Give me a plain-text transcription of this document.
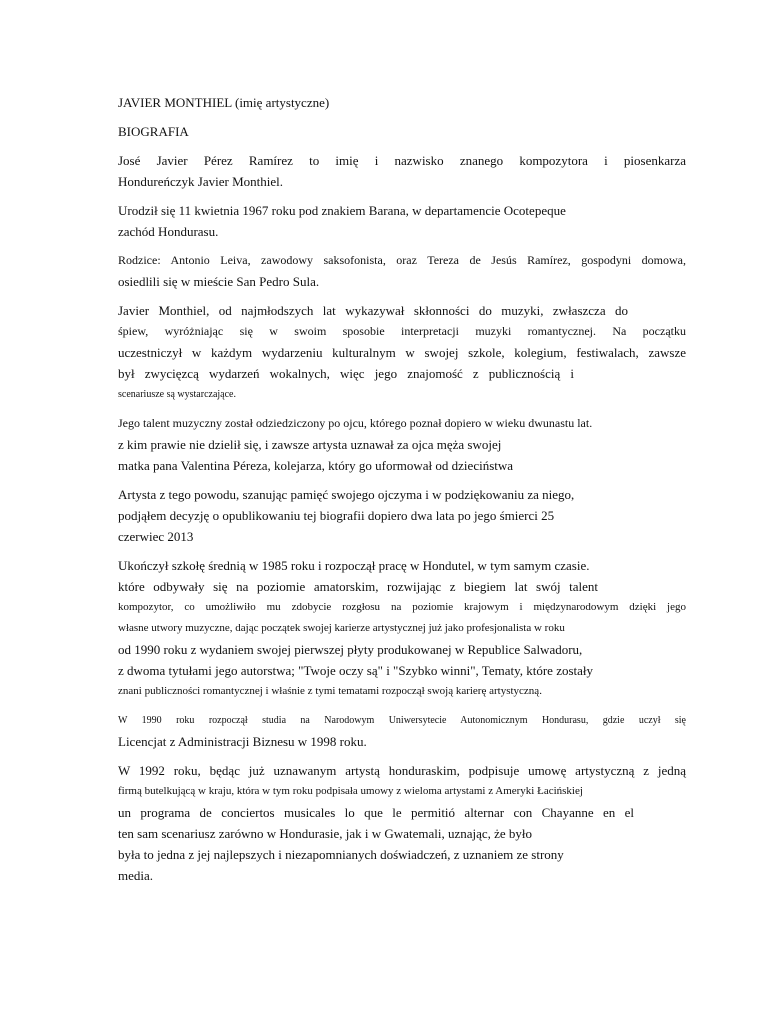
JAVIER MONTHIEL (imię artystyczne)
BIOGRAFIA
José Javier Pérez Ramírez to imię i nazwisko znanego kompozytora i piosenkarza
Hondureńczyk Javier Monthiel.
Urodził się 11 kwietnia 1967 roku pod znakiem Barana, w departamencie Ocotepeque
zachód Hondurasu.
Rodzice: Antonio Leiva, zawodowy saksofonista, oraz Tereza de Jesús Ramírez, gospodyni domowa,
osiedlili się w mieście San Pedro Sula.
Javier Monthiel, od najmłodszych lat wykazywał skłonności do muzyki, zwłaszcza do
śpiew, wyróżniając się w swoim sposobie interpretacji muzyki romantycznej. Na początku
uczestniczył w każdym wydarzeniu kulturalnym w swojej szkole, kolegium, festiwalach, zawsze
był zwycięzcą wydarzeń wokalnych, więc jego znajomość z publicznością i
scenariusze są wystarczające.
Jego talent muzyczny został odziedziczony po ojcu, którego poznał dopiero w wieku dwunastu lat.
z kim prawie nie dzielił się, i zawsze artysta uznawał za ojca męża swojej
matka pana Valentina Péreza, kolejarza, który go uformował od dzieciństwa
Artysta z tego powodu, szanując pamięć swojego ojczyma i w podziękowaniu za niego,
podjąłem decyzję o opublikowaniu tej biografii dopiero dwa lata po jego śmierci 25
czerwiec 2013
Ukończył szkołę średnią w 1985 roku i rozpoczął pracę w Hondutel, w tym samym czasie.
które odbywały się na poziomie amatorskim, rozwijając z biegiem lat swój talent
kompozytor, co umożliwiło mu zdobycie rozgłosu na poziomie krajowym i międzynarodowym dzięki jego
własne utwory muzyczne, dając początek swojej karierze artystycznej już jako profesjonalista w roku
od 1990 roku z wydaniem swojej pierwszej płyty produkowanej w Republice Salwadoru,
z dwoma tytułami jego autorstwa; "Twoje oczy są" i "Szybko winni", Tematy, które zostały
znani publiczności romantycznej i właśnie z tymi tematami rozpoczął swoją karierę artystyczną.
W 1990 roku rozpoczął studia na Narodowym Uniwersytecie Autonomicznym Hondurasu, gdzie uczył się
Licencjat z Administracji Biznesu w 1998 roku.
W 1992 roku, będąc już uznawanym artystą honduraskim, podpisuje umowę artystyczną z jedną
firmą butelkującą w kraju, która w tym roku podpisała umowy z wieloma artystami z Ameryki Łacińskiej
un programa de conciertos musicales lo que le permitió alternar con Chayanne en el
ten sam scenariusz zarówno w Hondurasie, jak i w Gwatemali, uznając, że było
była to jedna z jej najlepszych i niezapomnianych doświadczeń, z uznaniem ze strony
media.
